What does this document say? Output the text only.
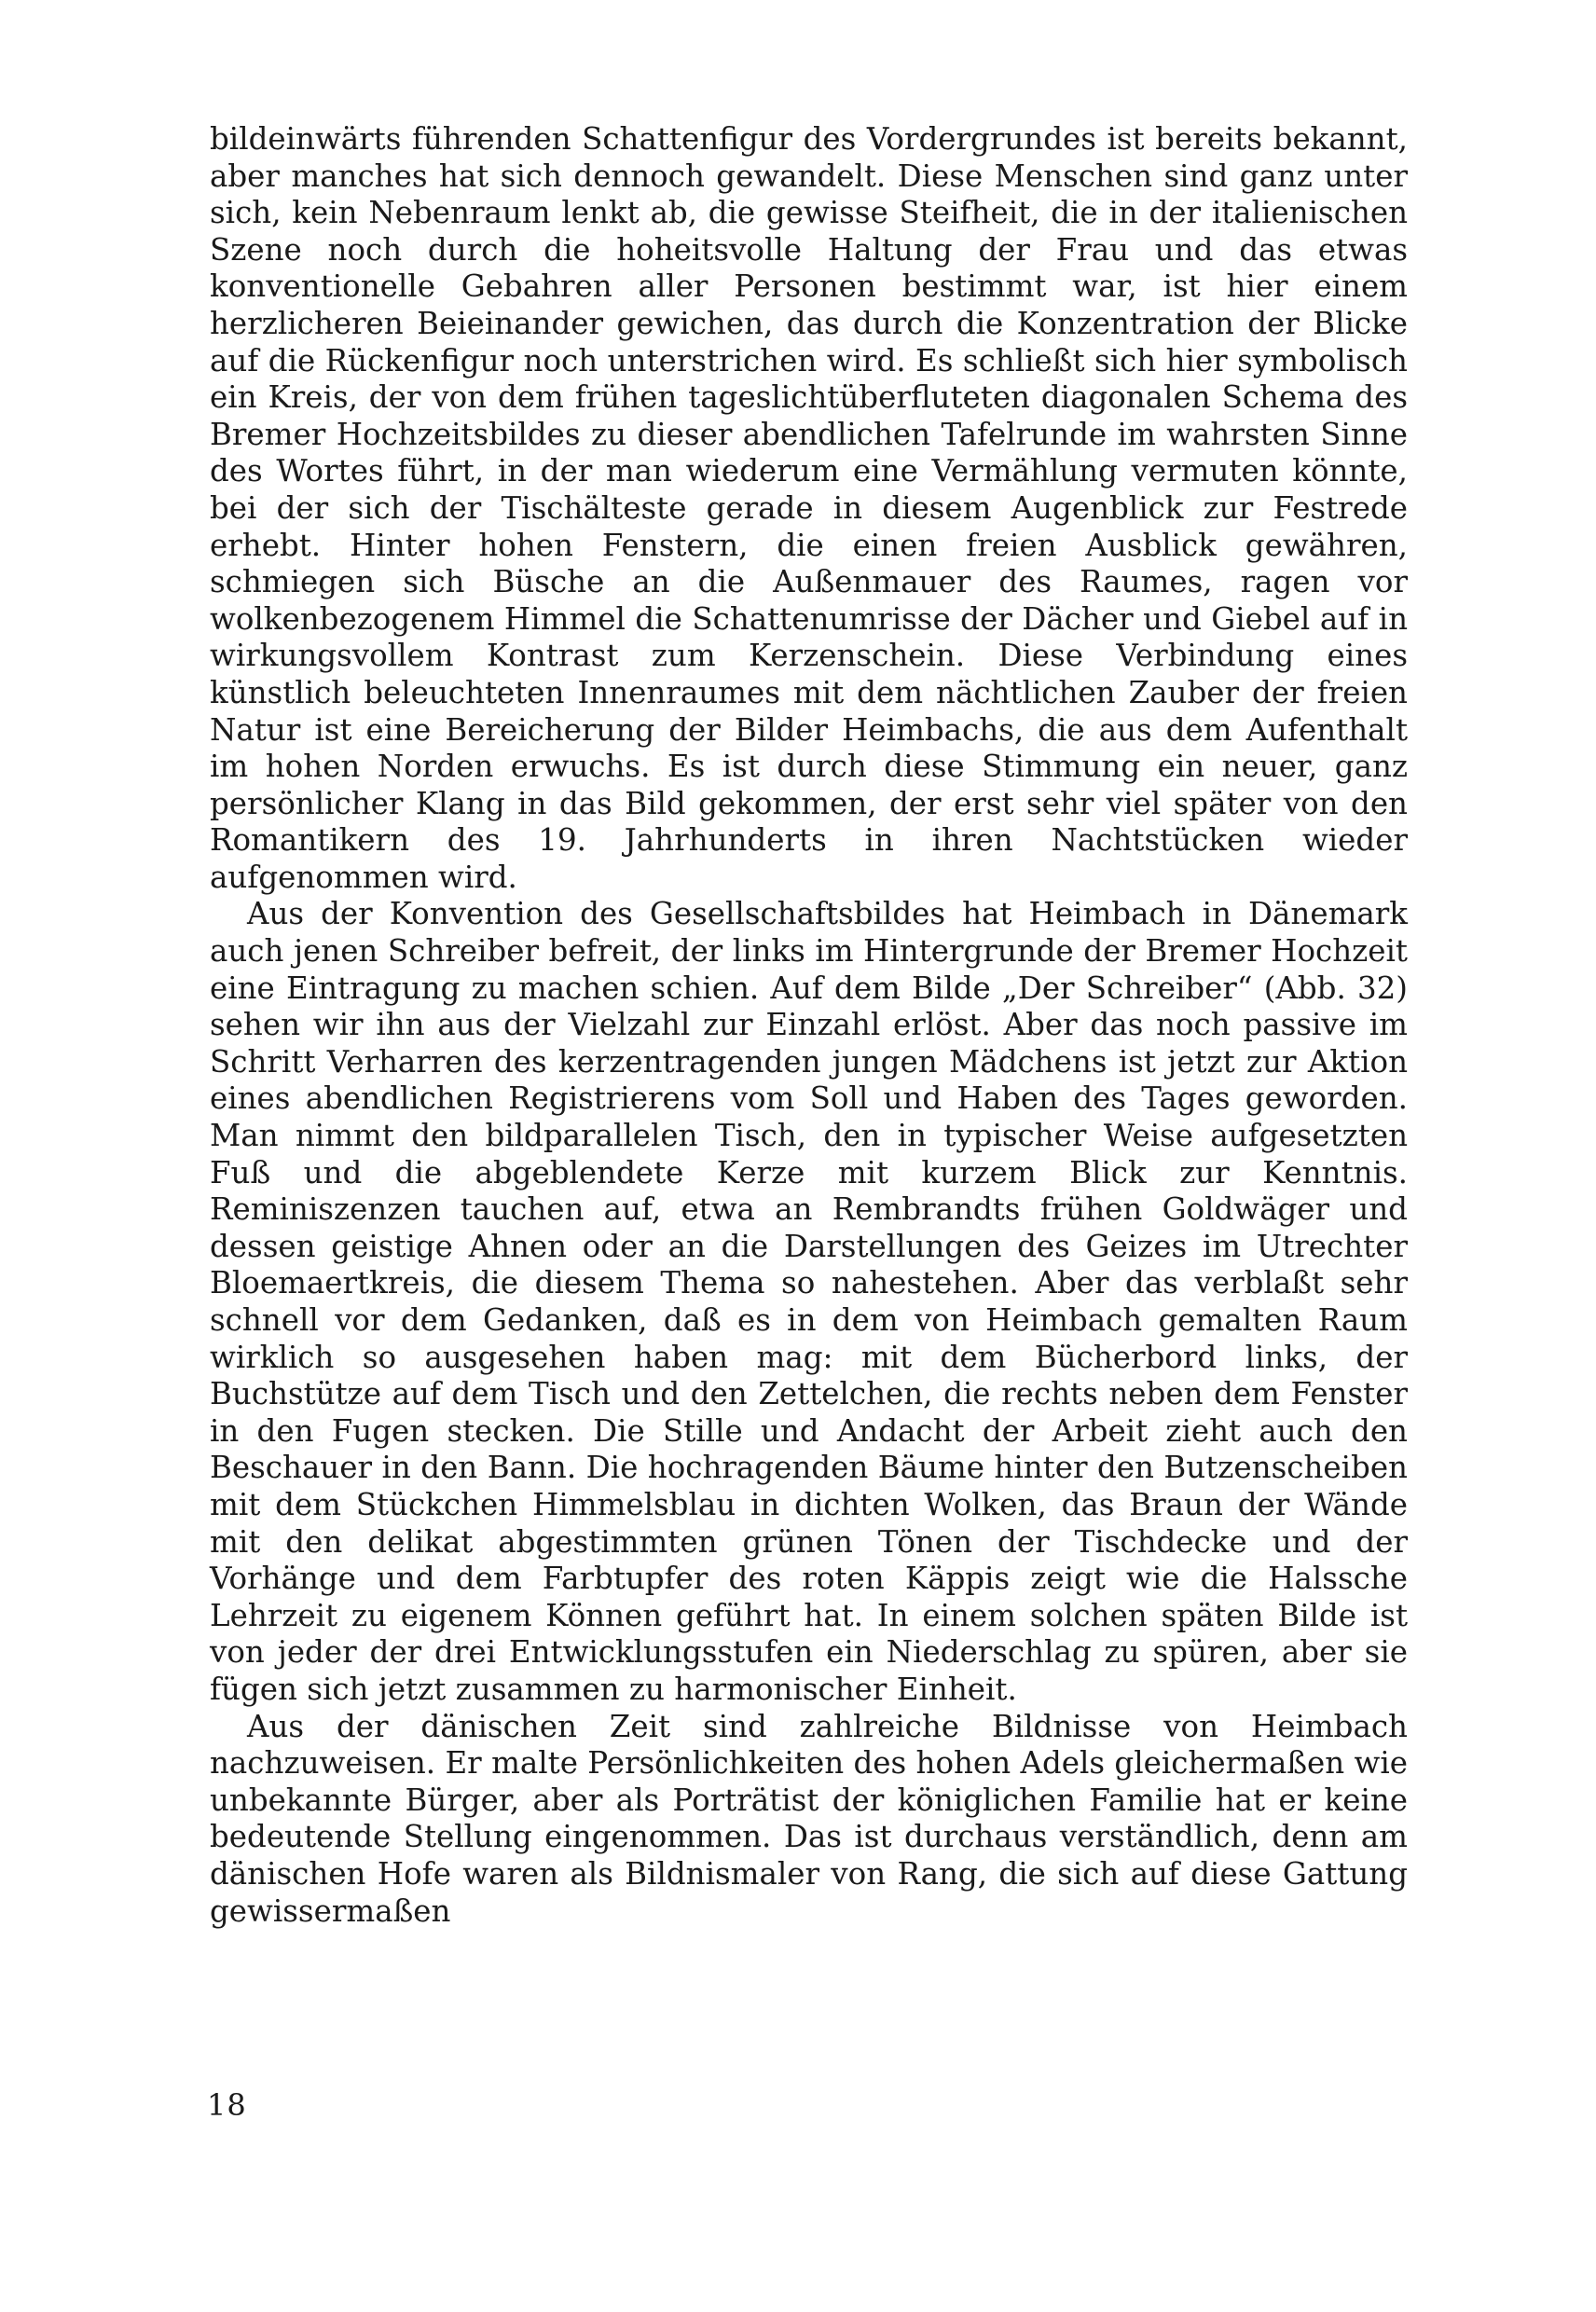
bildeinwärts führenden Schattenfigur des Vordergrundes ist bereits bekannt, aber manches hat sich dennoch gewandelt. Diese Menschen sind ganz unter sich, kein Nebenraum lenkt ab, die gewisse Steifheit, die in der italienischen Szene noch durch die hoheitsvolle Haltung der Frau und das etwas konventionelle Gebahren aller Personen bestimmt war, ist hier einem herzlicheren Beieinander gewichen, das durch die Konzentration der Blicke auf die Rückenfigur noch unterstrichen wird. Es schließt sich hier symbolisch ein Kreis, der von dem frühen tageslichtüberfluteten diagonalen Schema des Bremer Hochzeitsbildes zu dieser abendlichen Tafelrunde im wahrsten Sinne des Wortes führt, in der man wiederum eine Vermählung vermuten könnte, bei der sich der Tischälteste gerade in diesem Augenblick zur Festrede erhebt. Hinter hohen Fenstern, die einen freien Ausblick gewähren, schmiegen sich Büsche an die Außenmauer des Raumes, ragen vor wolkenbezogenem Himmel die Schattenumrisse der Dächer und Giebel auf in wirkungsvollem Kontrast zum Kerzenschein. Diese Verbindung eines künstlich beleuchteten Innenraumes mit dem nächtlichen Zauber der freien Natur ist eine Bereicherung der Bilder Heimbachs, die aus dem Aufenthalt im hohen Norden erwuchs. Es ist durch diese Stimmung ein neuer, ganz persönlicher Klang in das Bild gekommen, der erst sehr viel später von den Romantikern des 19. Jahrhunderts in ihren Nachtstücken wieder aufgenommen wird.

Aus der Konvention des Gesellschaftsbildes hat Heimbach in Dänemark auch jenen Schreiber befreit, der links im Hintergrunde der Bremer Hochzeit eine Eintragung zu machen schien. Auf dem Bilde „Der Schreiber“ (Abb. 32) sehen wir ihn aus der Vielzahl zur Einzahl erlöst. Aber das noch passive im Schritt Verharren des kerzentragenden jungen Mädchens ist jetzt zur Aktion eines abendlichen Registrierens vom Soll und Haben des Tages geworden. Man nimmt den bildparallelen Tisch, den in typischer Weise aufgesetzten Fuß und die abgeblendete Kerze mit kurzem Blick zur Kenntnis. Reminiszenzen tauchen auf, etwa an Rembrandts frühen Goldwäger und dessen geistige Ahnen oder an die Darstellungen des Geizes im Utrechter Bloemaertkreis, die diesem Thema so nahestehen. Aber das verblaßt sehr schnell vor dem Gedanken, daß es in dem von Heimbach gemalten Raum wirklich so ausgesehen haben mag: mit dem Bücherbord links, der Buchstütze auf dem Tisch und den Zettelchen, die rechts neben dem Fenster in den Fugen stecken. Die Stille und Andacht der Arbeit zieht auch den Beschauer in den Bann. Die hochragenden Bäume hinter den Butzenscheiben mit dem Stückchen Himmelsblau in dichten Wolken, das Braun der Wände mit den delikat abgestimmten grünen Tönen der Tischdecke und der Vorhänge und dem Farbtupfer des roten Käppis zeigt wie die Halssche Lehrzeit zu eigenem Können geführt hat. In einem solchen späten Bilde ist von jeder der drei Entwicklungsstufen ein Niederschlag zu spüren, aber sie fügen sich jetzt zusammen zu harmonischer Einheit.

Aus der dänischen Zeit sind zahlreiche Bildnisse von Heimbach nachzuweisen. Er malte Persönlichkeiten des hohen Adels gleichermaßen wie unbekannte Bürger, aber als Porträtist der königlichen Familie hat er keine bedeutende Stellung eingenommen. Das ist durchaus verständlich, denn am dänischen Hofe waren als Bildnismaler von Rang, die sich auf diese Gattung gewissermaßen

18
